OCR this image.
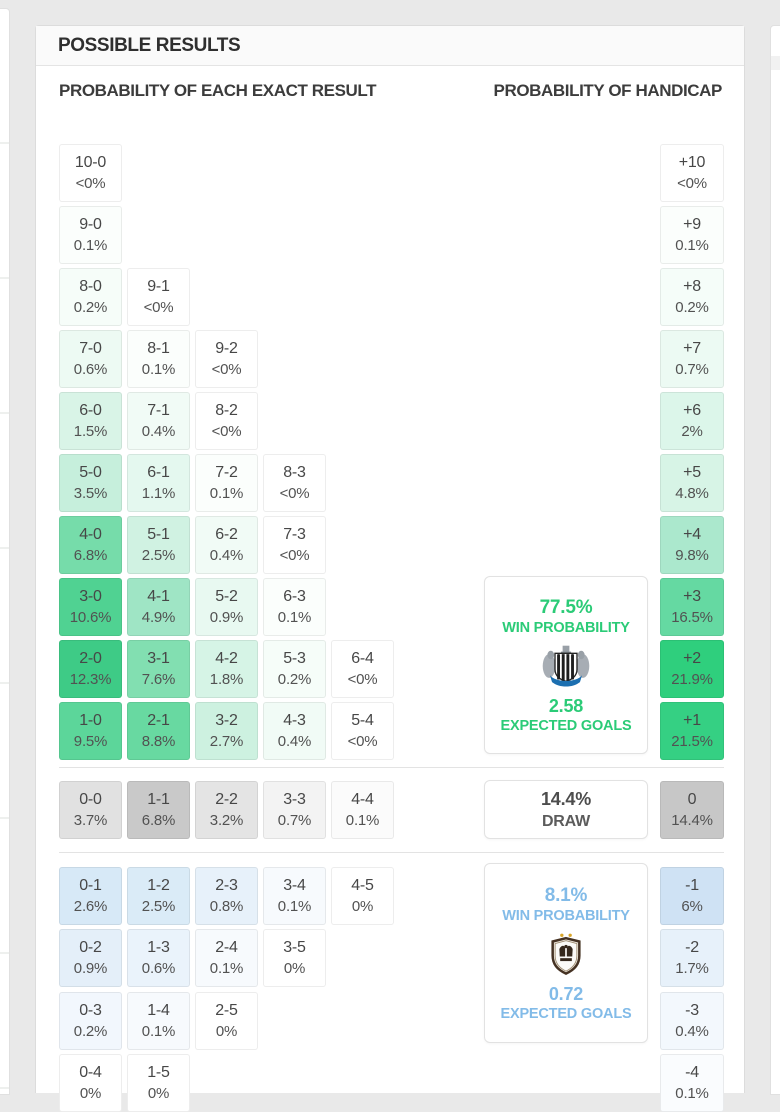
POSSIBLE RESULTS
PROBABILITY OF EACH EXACT RESULT	PROBABILITY OF HANDICAP
10-0
<0%
9-0
0.1%
8-0
0.2%
9-1
<0%
7-0
0.6%
8-1
0.1%
9-2
<0%
6-0
1.5%
7-1
0.4%
8-2
<0%
5-0
3.5%
6-1
1.1%
7-2
0.1%
8-3
<0%
4-0
6.8%
5-1
2.5%
6-2
0.4%
7-3
<0%
3-0
10.6%
4-1
4.9%
5-2
0.9%
6-3
0.1%
2-0
12.3%
3-1
7.6%
4-2
1.8%
5-3
0.2%
6-4
<0%
1-0
9.5%
2-1
8.8%
3-2
2.7%
4-3
0.4%
5-4
<0%
0-0
3.7%
1-1
6.8%
2-2
3.2%
3-3
0.7%
4-4
0.1%
0-1
2.6%
1-2
2.5%
2-3
0.8%
3-4
0.1%
4-5
0%
0-2
0.9%
1-3
0.6%
2-4
0.1%
3-5
0%
0-3
0.2%
1-4
0.1%
2-5
0%
0-4
0%
1-5
0%
+10
<0%
+9
0.1%
+8
0.2%
+7
0.7%
+6
2%
+5
4.8%
+4
9.8%
+3
16.5%
+2
21.9%
+1
21.5%
0
14.4%
-1
6%
-2
1.7%
-3
0.4%
-4
0.1%
77.5%
WIN PROBABILITY
2.58
EXPECTED GOALS
14.4%
DRAW
8.1%
WIN PROBABILITY
0.72
EXPECTED GOALS
